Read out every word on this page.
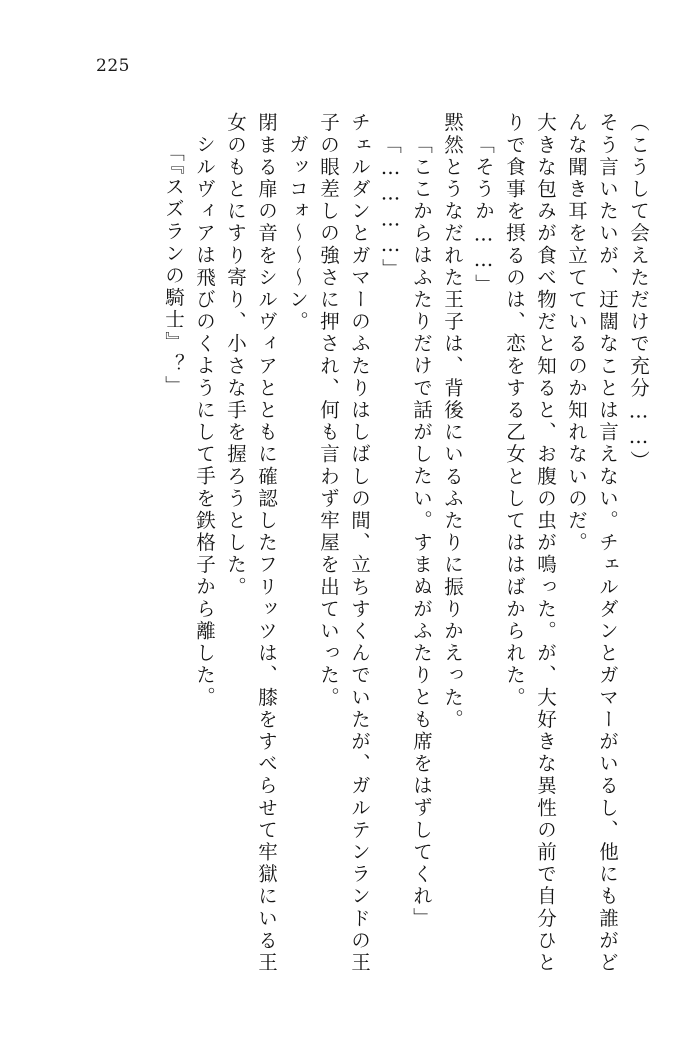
225
（こうして会えただけで充分……）
そう言いたいが、迂闊なことは言えない。チェルダンとガマーがいるし、他にも誰がど
んな聞き耳を立てているのか知れないのだ。
大きな包みが食べ物だと知ると、お腹の虫が鳴った。が、大好きな異性の前で自分ひと
りで食事を摂るのは、恋をする乙女としてははばかられた。
「そうか……」
黙然とうなだれた王子は、背後にいるふたりに振りかえった。
「ここからはふたりだけで話がしたい。すまぬがふたりとも席をはずしてくれ」
「…………」
チェルダンとガマーのふたりはしばしの間、立ちすくんでいたが、ガルテンランドの王
子の眼差しの強さに押され、何も言わず牢屋を出ていった。
ガッコォ〜〜〜ン。
閉まる扉の音をシルヴィアとともに確認したフリッツは、膝をすべらせて牢獄にいる王
女のもとにすり寄り、小さな手を握ろうとした。
シルヴィアは飛びのくようにして手を鉄格子から離した。
「『スズランの騎士』？」
